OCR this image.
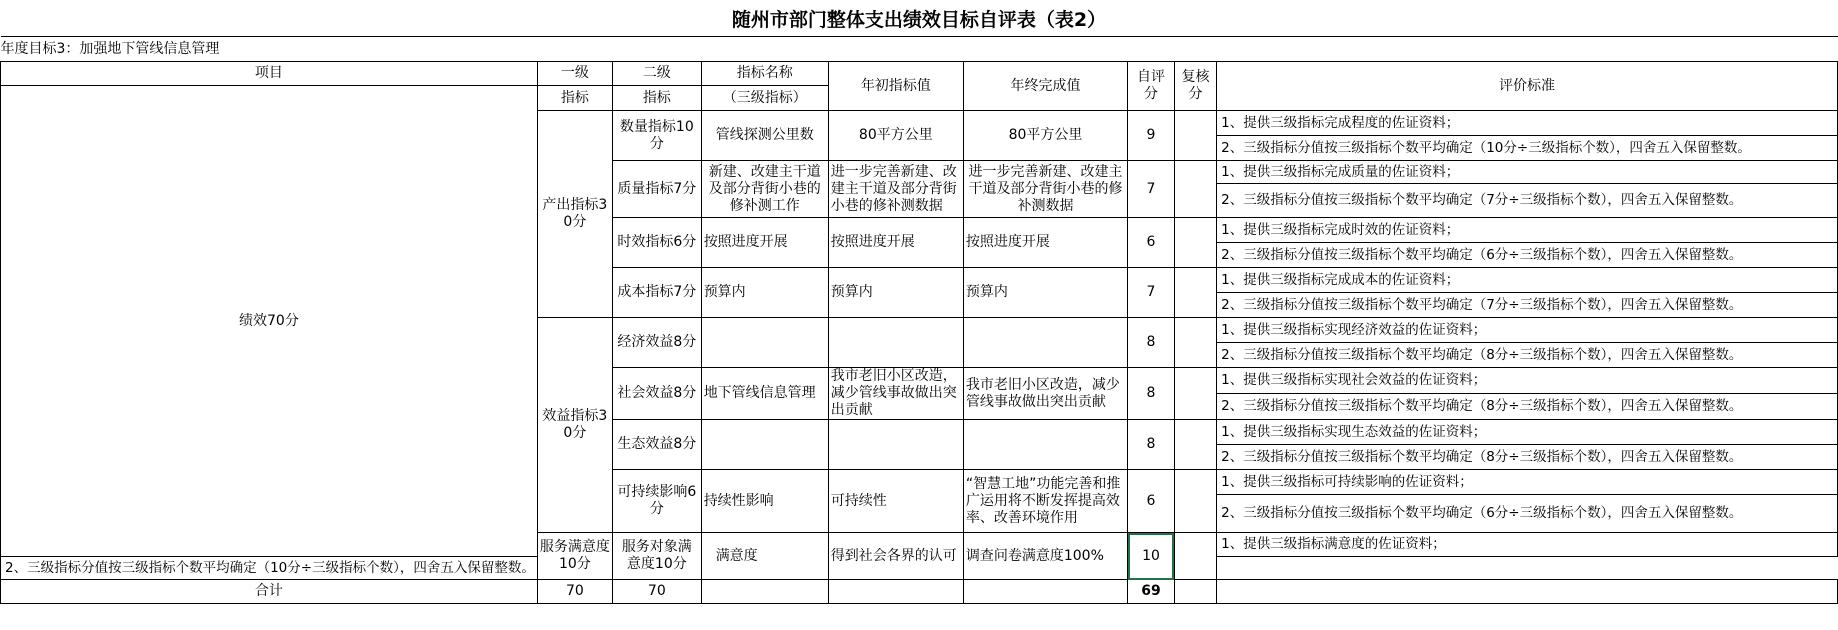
随州市部门整体支出绩效目标自评表（表2）
年度目标3：加强地下管线信息管理								
项目	一级	二级	指标名称	年初指标值	年终完成值	自评分	复核分	评价标准
绩效70分	指标	指标	（三级指标）					
	产出指标30分	数量指标10分	管线探测公里数	80平方公里	80平方公里	9		1、提供三级指标完成程度的佐证资料；
								2、三级指标分值按三级指标个数平均确定（10分÷三级指标个数），四舍五入保留整数。
		质量指标7分	新建、改建主干道及部分背街小巷的修补测工作	进一步完善新建、改建主干道及部分背街小巷的修补测数据	进一步完善新建、改建主干道及部分背街小巷的修补测数据	7		1、提供三级指标完成质量的佐证资料；
								2、三级指标分值按三级指标个数平均确定（7分÷三级指标个数），四舍五入保留整数。
		时效指标6分	按照进度开展	按照进度开展	按照进度开展	6		1、提供三级指标完成时效的佐证资料；
								2、三级指标分值按三级指标个数平均确定（6分÷三级指标个数），四舍五入保留整数。
		成本指标7分	预算内	预算内	预算内	7		1、提供三级指标完成成本的佐证资料；
								2、三级指标分值按三级指标个数平均确定（7分÷三级指标个数），四舍五入保留整数。
	效益指标30分	经济效益8分				8		1、提供三级指标实现经济效益的佐证资料；
								2、三级指标分值按三级指标个数平均确定（8分÷三级指标个数），四舍五入保留整数。
		社会效益8分	地下管线信息管理	我市老旧小区改造，减少管线事故做出突出贡献	我市老旧小区改造，减少管线事故做出突出贡献	8		1、提供三级指标实现社会效益的佐证资料；
								2、三级指标分值按三级指标个数平均确定（8分÷三级指标个数），四舍五入保留整数。
		生态效益8分				8		1、提供三级指标实现生态效益的佐证资料；
								2、三级指标分值按三级指标个数平均确定（8分÷三级指标个数），四舍五入保留整数。
		可持续影响6分	持续性影响	可持续性	“智慧工地”功能完善和推广运用将不断发挥提高效率、改善环境作用	6		1、提供三级指标可持续影响的佐证资料；
								2、三级指标分值按三级指标个数平均确定（6分÷三级指标个数），四舍五入保留整数。
	服务满意度10分	服务对象满意度10分	满意度	得到社会各界的认可	调查问卷满意度100%	10		1、提供三级指标满意度的佐证资料；
2、三级指标分值按三级指标个数平均确定（10分÷三级指标个数），四舍五入保留整数。								
合计	70	70				69		
